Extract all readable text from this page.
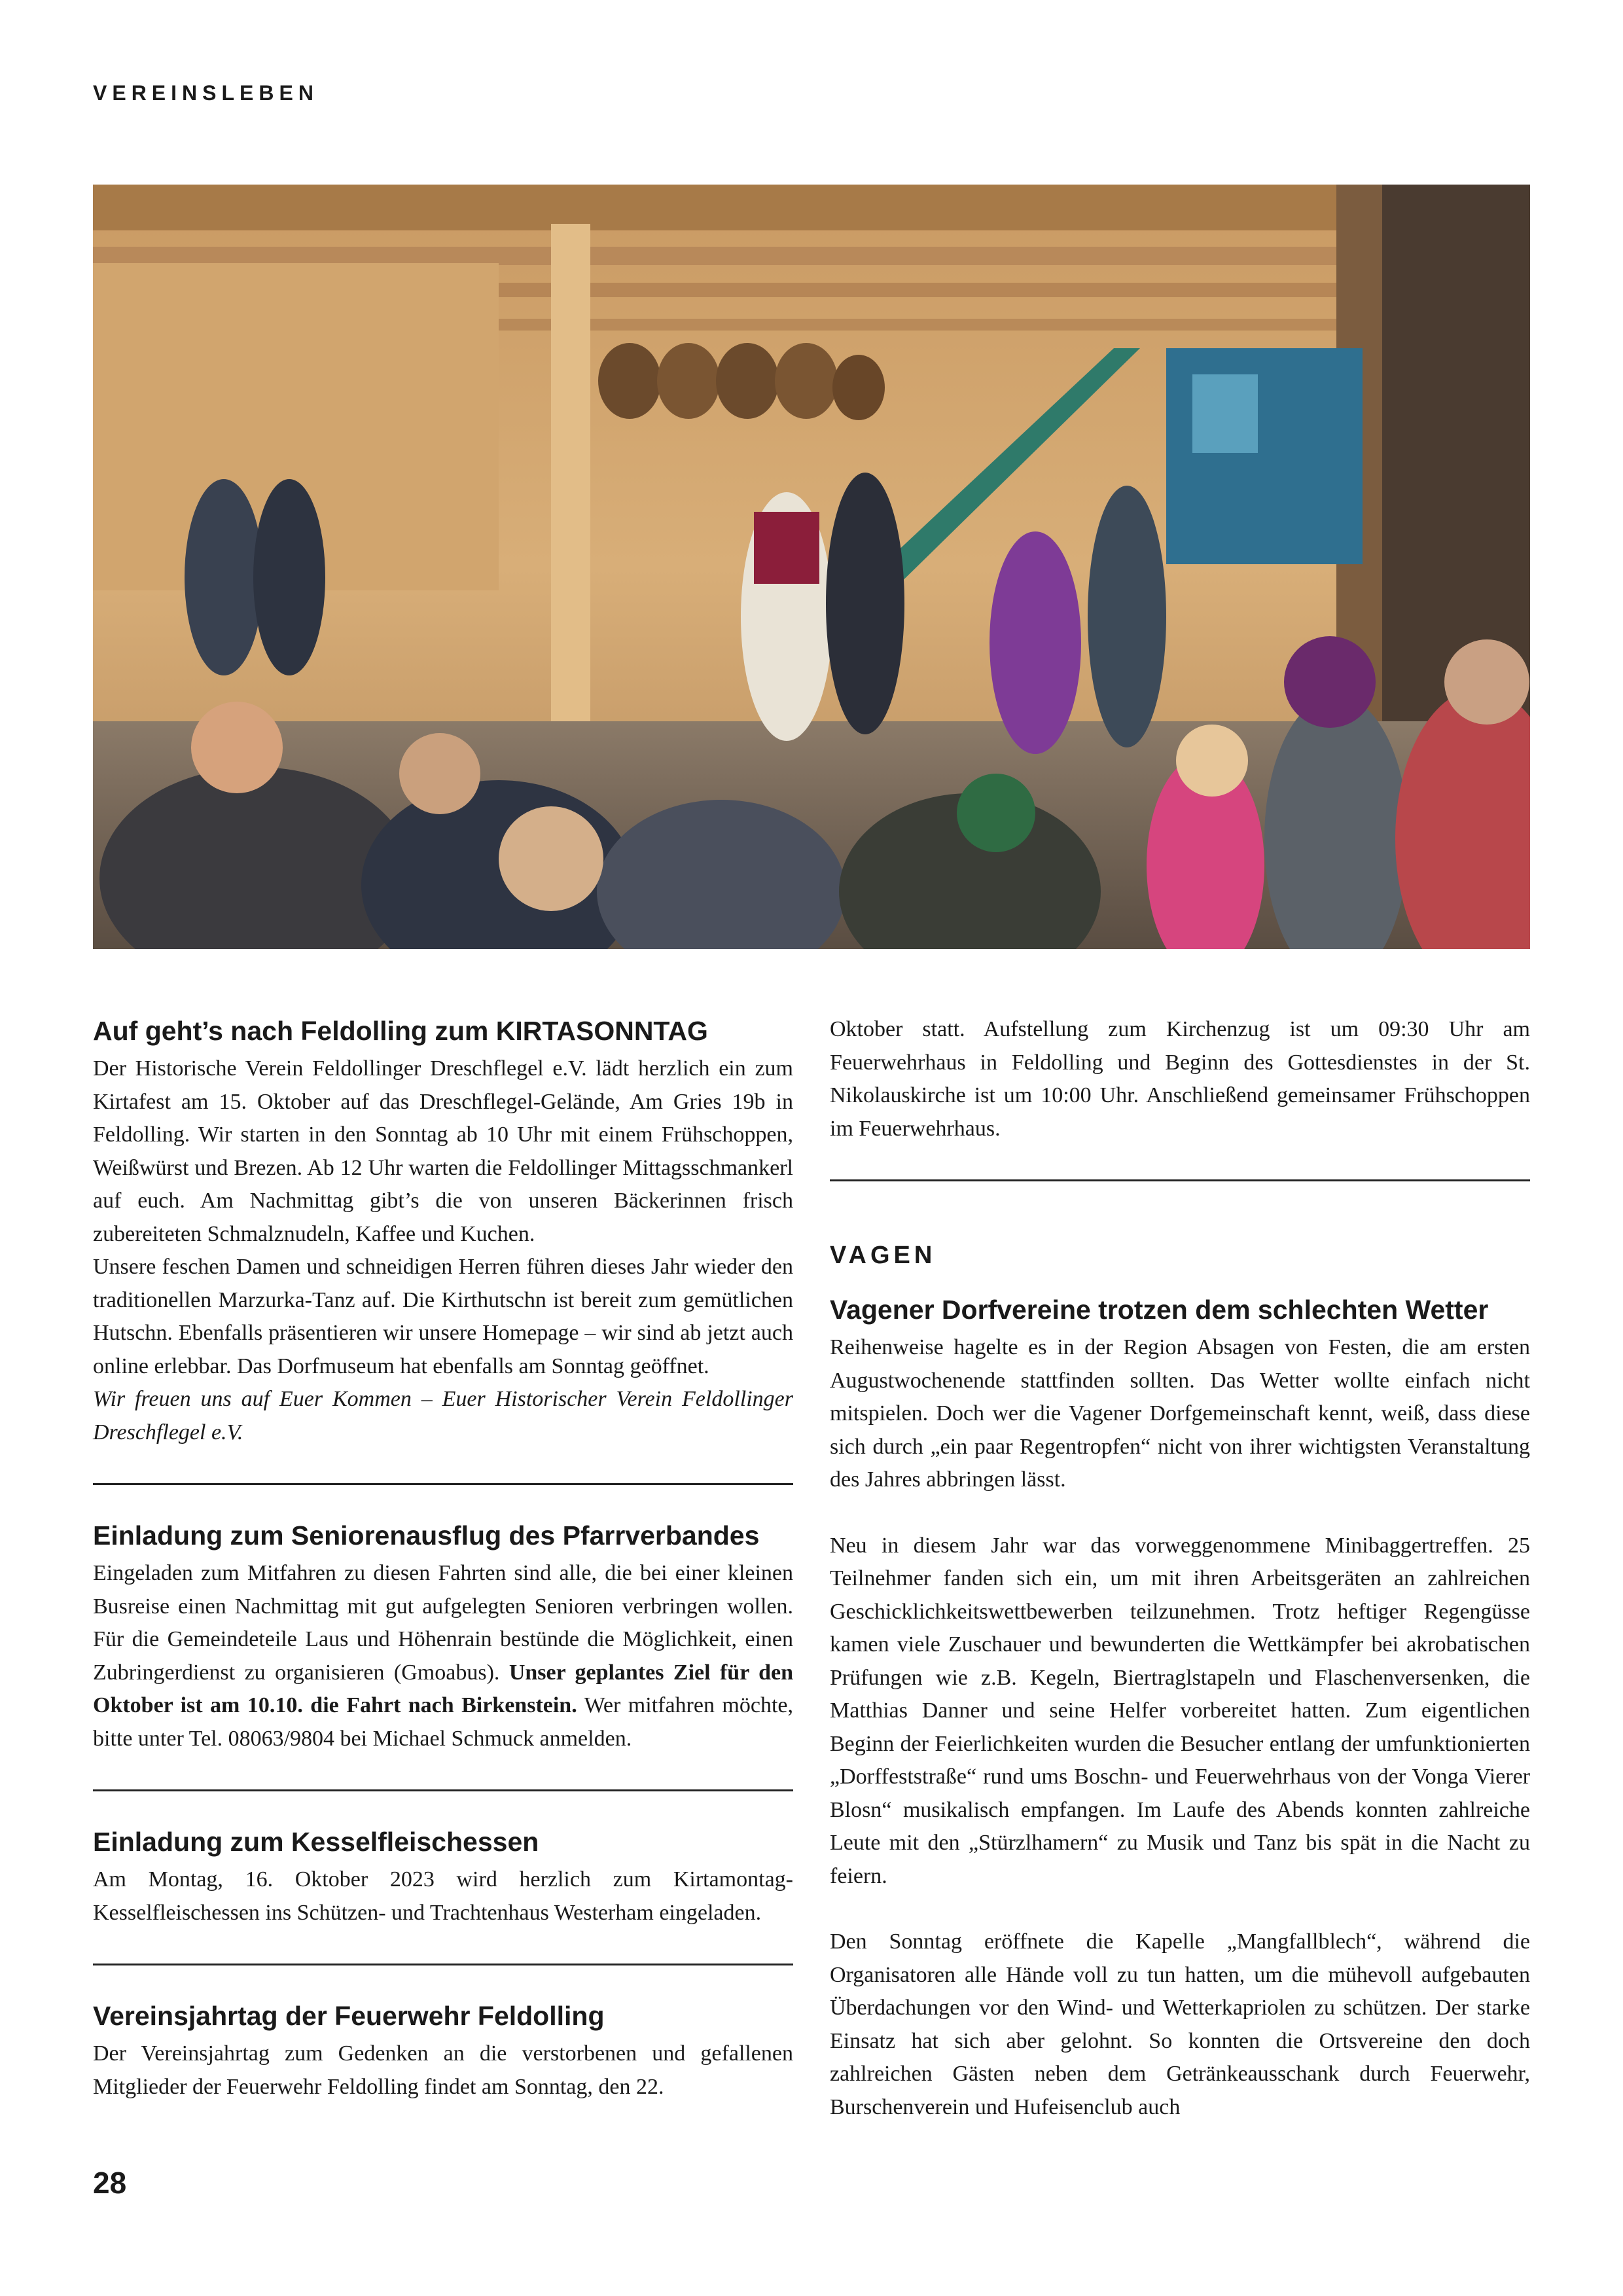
VEREINSLEBEN
Auf geht’s nach Feldolling zum KIRTASONNTAG

Der Historische Verein Feldollinger Dreschflegel e.V. lädt herzlich ein zum Kirtafest am 15. Oktober auf das Dreschflegel-Gelände, Am Gries 19b in Feldolling. Wir starten in den Sonntag ab 10 Uhr mit einem Frühschoppen, Weißwürst und Brezen. Ab 12 Uhr warten die Feldollinger Mittagsschmankerl auf euch. Am Nachmittag gibt’s die von unseren Bäckerinnen frisch zubereiteten Schmalznudeln, Kaffee und Kuchen.

Unsere feschen Damen und schneidigen Herren führen dieses Jahr wieder den traditionellen Marzurka-Tanz auf. Die Kirthutschn ist bereit zum gemütlichen Hutschn. Ebenfalls präsentieren wir unsere Homepage – wir sind ab jetzt auch online erlebbar. Das Dorfmuseum hat ebenfalls am Sonntag geöffnet.

Wir freuen uns auf Euer Kommen – Euer Historischer Verein Feldollinger Dreschflegel e.V.

Einladung zum Seniorenausflug des Pfarrverbandes

Eingeladen zum Mitfahren zu diesen Fahrten sind alle, die bei einer kleinen Busreise einen Nachmittag mit gut aufgelegten Senioren verbringen wollen. Für die Gemeindeteile Laus und Höhenrain bestünde die Möglichkeit, einen Zubringerdienst zu organisieren (Gmoabus). Unser geplantes Ziel für den Oktober ist am 10.10. die Fahrt nach Birkenstein. Wer mitfahren möchte, bitte unter Tel. 08063/9804 bei Michael Schmuck anmelden.

Einladung zum Kesselfleischessen

Am Montag, 16. Oktober 2023 wird herzlich zum Kirtamontag-Kesselfleischessen ins Schützen- und Trachtenhaus Westerham eingeladen.

Vereinsjahrtag der Feuerwehr Feldolling

Der Vereinsjahrtag zum Gedenken an die verstorbenen und gefallenen Mitglieder der Feuerwehr Feldolling findet am Sonntag, den 22.

Oktober statt. Aufstellung zum Kirchenzug ist um 09:30 Uhr am Feuerwehrhaus in Feldolling und Beginn des Gottesdienstes in der St. Nikolauskirche ist um 10:00 Uhr. Anschließend gemeinsamer Frühschoppen im Feuerwehrhaus.

VAGEN
Vagener Dorfvereine trotzen dem schlechten Wetter

Reihenweise hagelte es in der Region Absagen von Festen, die am ersten Augustwochenende stattfinden sollten. Das Wetter wollte einfach nicht mitspielen. Doch wer die Vagener Dorfgemeinschaft kennt, weiß, dass diese sich durch „ein paar Regentropfen“ nicht von ihrer wichtigsten Veranstaltung des Jahres abbringen lässt.

Neu in diesem Jahr war das vorweggenommene Minibaggertreffen. 25 Teilnehmer fanden sich ein, um mit ihren Arbeitsgeräten an zahlreichen Geschicklichkeitswettbewerben teilzunehmen. Trotz heftiger Regengüsse kamen viele Zuschauer und bewunderten die Wettkämpfer bei akrobatischen Prüfungen wie z.B. Kegeln, Biertraglstapeln und Flaschenversenken, die Matthias Danner und seine Helfer vorbereitet hatten. Zum eigentlichen Beginn der Feierlichkeiten wurden die Besucher entlang der umfunktionierten „Dorffeststraße“ rund ums Boschn- und Feuerwehrhaus von der Vonga Vierer Blosn“ musikalisch empfangen. Im Laufe des Abends konnten zahlreiche Leute mit den „Stürzlhamern“ zu Musik und Tanz bis spät in die Nacht zu feiern.

Den Sonntag eröffnete die Kapelle „Mangfallblech“, während die Organisatoren alle Hände voll zu tun hatten, um die mühevoll aufgebauten Überdachungen vor den Wind- und Wetterkapriolen zu schützen. Der starke Einsatz hat sich aber gelohnt. So konnten die Ortsvereine den doch zahlreichen Gästen neben dem Getränkeausschank durch Feuerwehr, Burschenverein und Hufeisenclub auch

28
